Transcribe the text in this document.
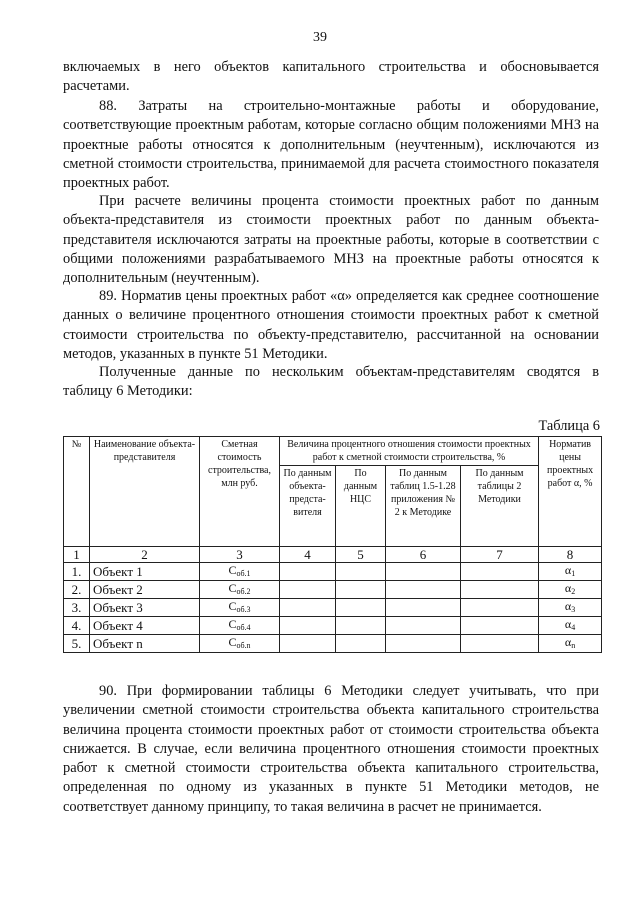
39

включаемых в него объектов капитального строительства и обосновывается расчетами.

88. Затраты на строительно-монтажные работы и оборудование, соответствующие проектным работам, которые согласно общим положениями МНЗ на проектные работы относятся к дополнительным (неучтенным), исключаются из сметной стоимости строительства, принимаемой для расчета стоимостного показателя проектных работ.

При расчете величины процента стоимости проектных работ по данным объекта-представителя из стоимости проектных работ по данным объекта-представителя исключаются затраты на проектные работы, которые в соответствии с общими положениями разрабатываемого МНЗ на проектные работы относятся к дополнительным (неучтенным).

89. Норматив цены проектных работ «α» определяется как среднее соотношение данных о величине процентного отношения стоимости проектных работ к сметной стоимости строительства по объекту-представителю, рассчитанной на основании методов, указанных в пункте 51 Методики.

Полученные данные по нескольким объектам-представителям сводятся в таблицу 6 Методики:

Таблица 6
№	Наименование объекта-представителя	Сметная стоимость строительства, млн руб.	Величина процентного отношения стоимости проектных работ к сметной стоимости строительства, %				Норматив цены проектных работ α, %
			По данным объекта-предста-вителя	По данным НЦС	По данным таблиц 1.5-1.28 приложения № 2 к Методике	По данным таблицы 2 Методики	
1	2	3	4	5	6	7	8
1.	Объект 1	$C_{об.1}$					$\alpha_1$
2.	Объект 2	$C_{об.2}$					$\alpha_2$
3.	Объект 3	$C_{об.3}$					$\alpha_3$
4.	Объект 4	$C_{об.4}$					$\alpha_4$
5.	Объект n	$C_{об.n}$					$\alpha_n$

90. При формировании таблицы 6 Методики следует учитывать, что при увеличении сметной стоимости строительства объекта капитального строительства величина процента стоимости проектных работ от стоимости строительства объекта снижается. В случае, если величина процентного отношения стоимости проектных работ к сметной стоимости строительства объекта капитального строительства, определенная по одному из указанных в пункте 51 Методики методов, не соответствует данному принципу, то такая величина в расчет не принимается.
